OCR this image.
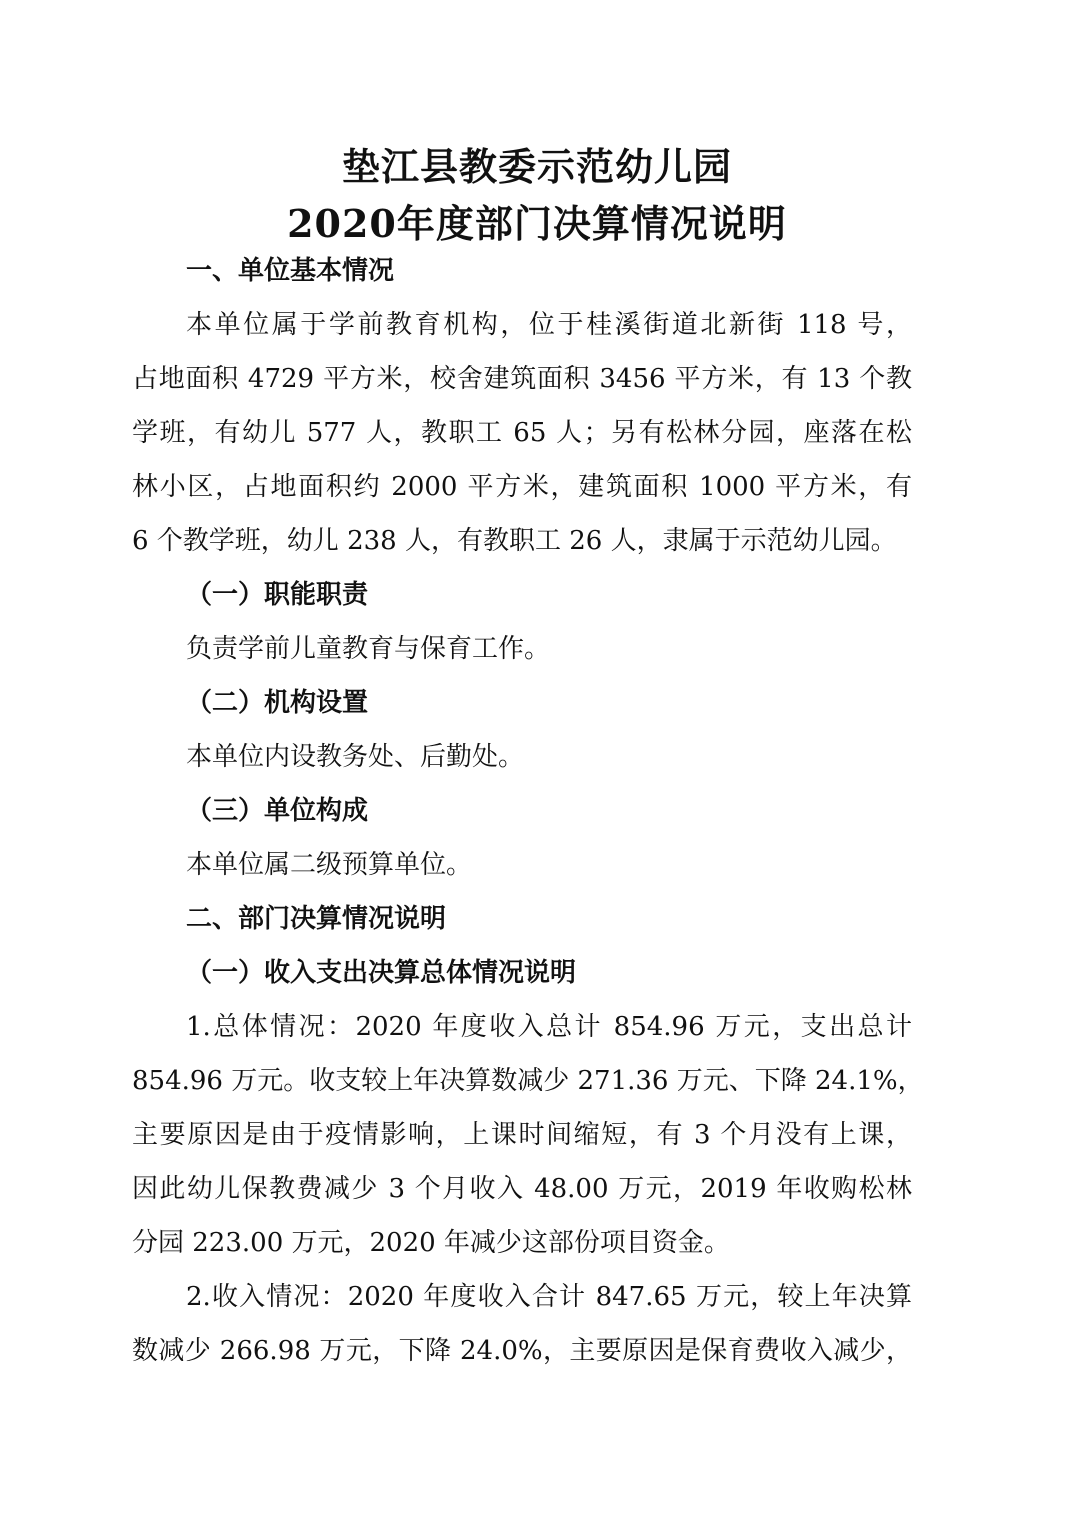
垫江县教委示范幼儿园
2020年度部门决算情况说明
一、单位基本情况
本单位属于学前教育机构，位于桂溪街道北新街 118 号，
占地面积 4729 平方米，校舍建筑面积 3456 平方米，有 13 个教
学班，有幼儿 577 人，教职工 65 人；另有松林分园，座落在松
林小区，占地面积约 2000 平方米，建筑面积 1000 平方米，有
6 个教学班，幼儿 238 人，有教职工 26 人，隶属于示范幼儿园。
（一）职能职责
负责学前儿童教育与保育工作。
（二）机构设置
本单位内设教务处、后勤处。
（三）单位构成
本单位属二级预算单位。
二、部门决算情况说明
（一）收入支出决算总体情况说明
1.总体情况：2020 年度收入总计 854.96 万元，支出总计
854.96 万元。收支较上年决算数减少 271.36 万元、下降 24.1%，
主要原因是由于疫情影响，上课时间缩短，有 3 个月没有上课，
因此幼儿保教费减少 3 个月收入 48.00 万元，2019 年收购松林
分园 223.00 万元，2020 年减少这部份项目资金。
2.收入情况：2020 年度收入合计 847.65 万元，较上年决算
数减少 266.98 万元，下降 24.0%，主要原因是保育费收入减少，
